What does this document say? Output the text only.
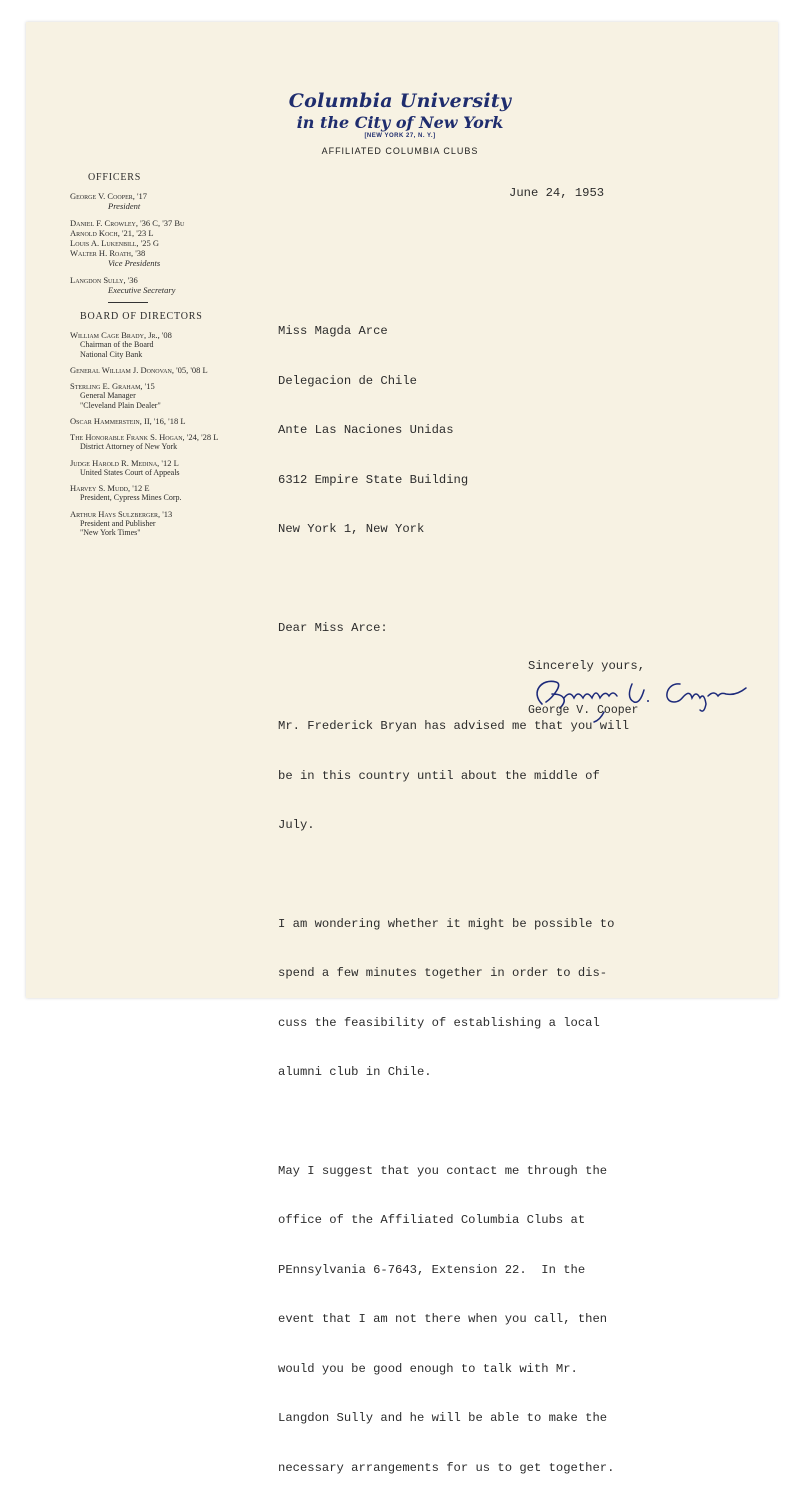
Columbia University
in the City of New York
[NEW YORK 27, N. Y.]
AFFILIATED COLUMBIA CLUBS
OFFICERS
George V. Cooper, '17
President
Daniel F. Crowley, '36 C, '37 Bu
Arnold Koch, '21, '23 L
Louis A. Lukenbill, '25 G
Walter H. Roath, '38
Vice Presidents
Langdon Sully, '36
Executive Secretary
BOARD OF DIRECTORS
William Cage Brady, Jr., '08
Chairman of the Board
National City Bank
General William J. Donovan, '05, '08 L
Sterling E. Graham, '15
General Manager
"Cleveland Plain Dealer"
Oscar Hammerstein, II, '16, '18 L
The Honorable Frank S. Hogan, '24, '28 L
District Attorney of New York
Judge Harold R. Medina, '12 L
United States Court of Appeals
Harvey S. Mudd, '12 E
President, Cypress Mines Corp.
Arthur Hays Sulzberger, '13
President and Publisher
"New York Times"
June 24, 1953

Miss Magda Arce

Delegacion de Chile

Ante Las Naciones Unidas

6312 Empire State Building

New York 1, New York

Dear Miss Arce:

Mr. Frederick Bryan has advised me that you will

be in this country until about the middle of

July.

I am wondering whether it might be possible to

spend a few minutes together in order to dis-

cuss the feasibility of establishing a local

alumni club in Chile.

May I suggest that you contact me through the

office of the Affiliated Columbia Clubs at

PEnnsylvania 6-7643, Extension 22.  In the

event that I am not there when you call, then

would you be good enough to talk with Mr.

Langdon Sully and he will be able to make the

necessary arrangements for us to get together.

Sincerely yours,
George V. Cooper
